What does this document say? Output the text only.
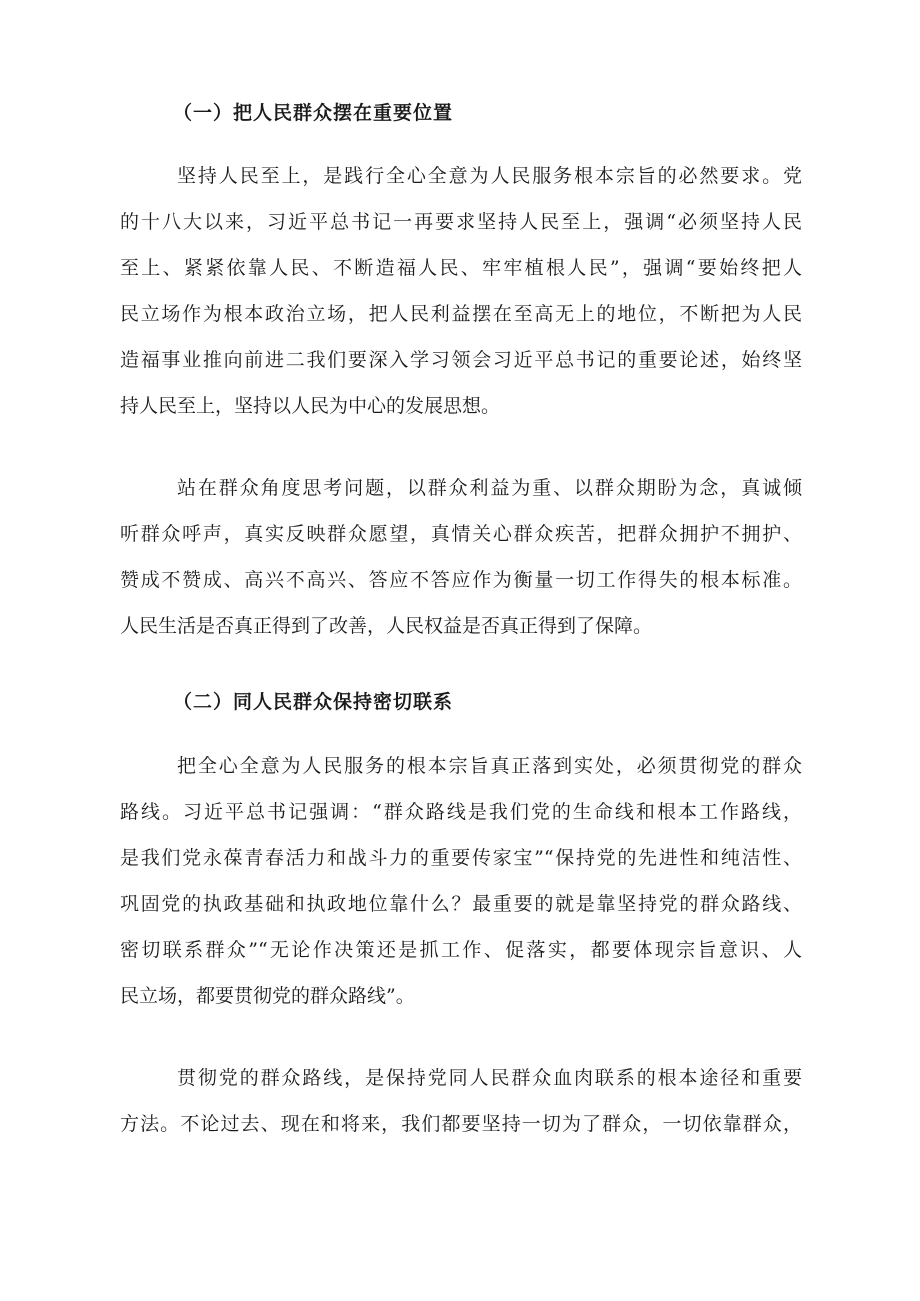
（一）把人民群众摆在重要位置
坚持人民至上，是践行全心全意为人民服务根本宗旨的必然要求。党
的十八大以来，习近平总书记一再要求坚持人民至上，强调“必须坚持人民
至上、紧紧依靠人民、不断造福人民、牢牢植根人民”，强调“要始终把人
民立场作为根本政治立场，把人民利益摆在至高无上的地位，不断把为人民
造福事业推向前进二我们要深入学习领会习近平总书记的重要论述，始终坚
持人民至上，坚持以人民为中心的发展思想。
站在群众角度思考问题，以群众利益为重、以群众期盼为念，真诚倾
听群众呼声，真实反映群众愿望，真情关心群众疾苦，把群众拥护不拥护、
赞成不赞成、高兴不高兴、答应不答应作为衡量一切工作得失的根本标准。
人民生活是否真正得到了改善，人民权益是否真正得到了保障。
（二）同人民群众保持密切联系
把全心全意为人民服务的根本宗旨真正落到实处，必须贯彻党的群众
路线。习近平总书记强调：“群众路线是我们党的生命线和根本工作路线，
是我们党永葆青春活力和战斗力的重要传家宝”“保持党的先进性和纯洁性、
巩固党的执政基础和执政地位靠什么？最重要的就是靠坚持党的群众路线、
密切联系群众”“无论作决策还是抓工作、促落实，都要体现宗旨意识、人
民立场，都要贯彻党的群众路线”。
贯彻党的群众路线，是保持党同人民群众血肉联系的根本途径和重要
方法。不论过去、现在和将来，我们都要坚持一切为了群众，一切依靠群众，
